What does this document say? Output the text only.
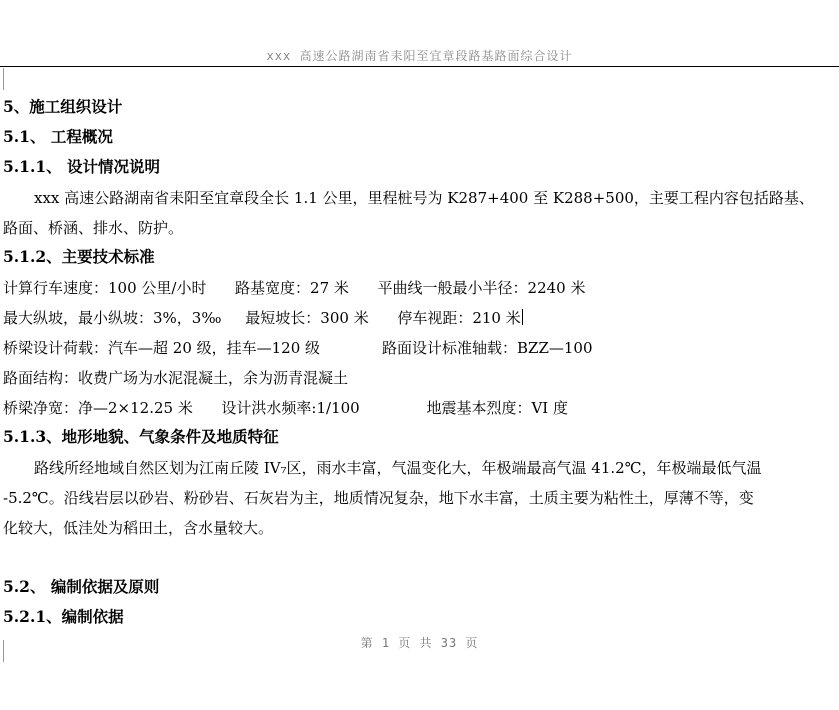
xxx 高速公路湖南省耒阳至宜章段路基路面综合设计
5、施工组织设计
5.1、 工程概况
5.1.1、 设计情况说明
xxx 高速公路湖南省耒阳至宜章段全长 1.1 公里，里程桩号为 K287+400 至 K288+500，主要工程内容包括路基、
路面、桥涵、排水、防护。
5.1.2、主要技术标准
计算行车速度：100 公里/小时      路基宽度：27 米      平曲线一般最小半径：2240 米
最大纵坡，最小纵坡：3%，3‰     最短坡长：300 米      停车视距：210 米
桥梁设计荷载：汽车—超 20 级，挂车—120 级             路面设计标准轴载：BZZ—100
路面结构：收费广场为水泥混凝土，余为沥青混凝土
桥梁净宽：净—2×12.25 米      设计洪水频率:1/100              地震基本烈度：VI 度
5.1.3、地形地貌、气象条件及地质特征
路线所经地域自然区划为江南丘陵 IV₇区，雨水丰富，气温变化大，年极端最高气温 41.2℃，年极端最低气温
-5.2℃。沿线岩层以砂岩、粉砂岩、石灰岩为主，地质情况复杂，地下水丰富，土质主要为粘性土，厚薄不等，变
化较大，低洼处为稻田土，含水量较大。
5.2、 编制依据及原则
5.2.1、编制依据
第 1 页 共 33 页
